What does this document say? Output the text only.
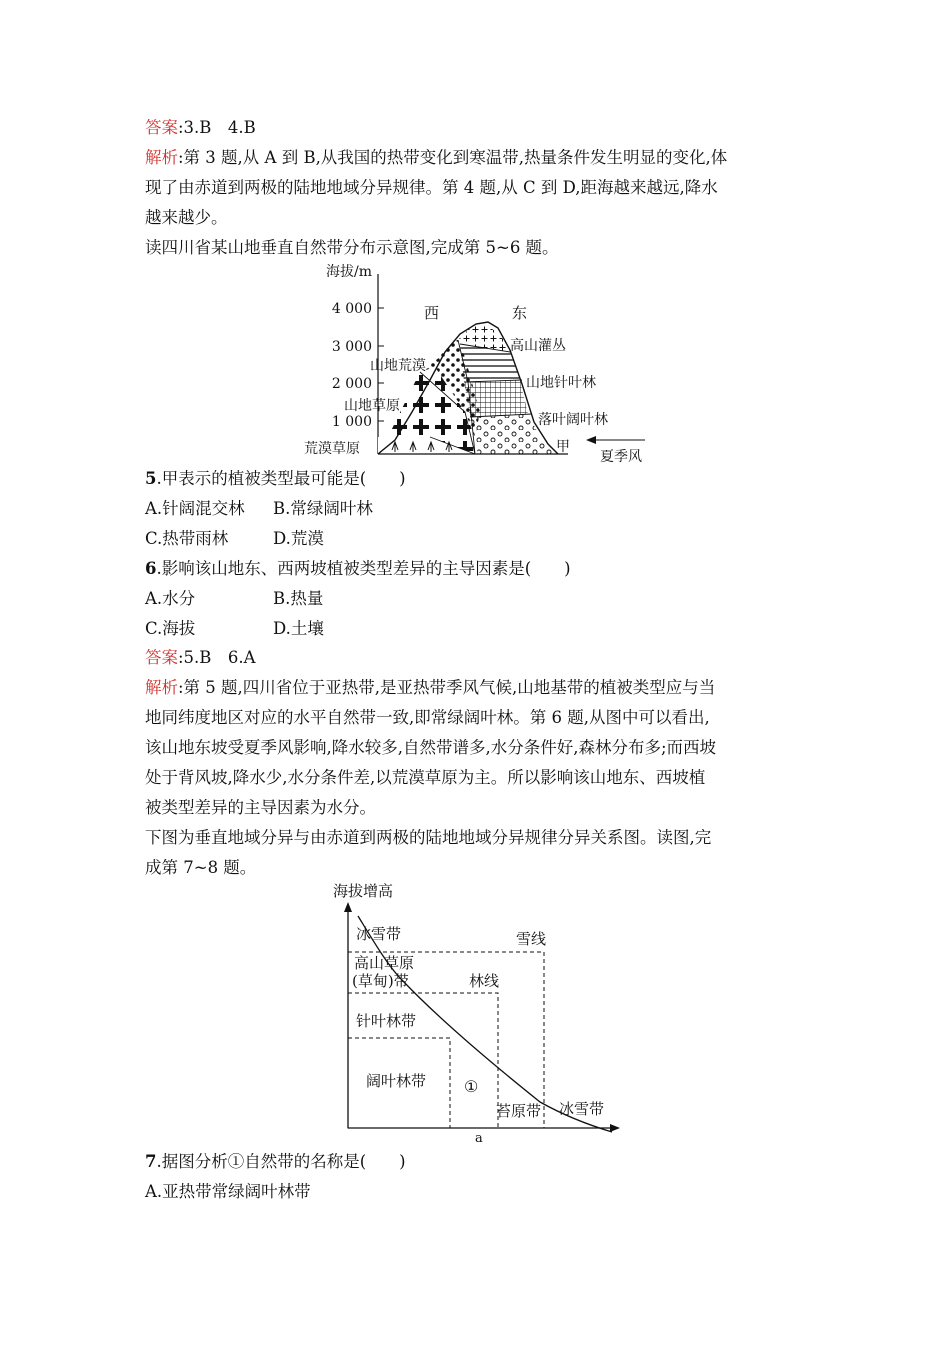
答案:3.B　4.B
解析:第 3 题,从 A 到 B,从我国的热带变化到寒温带,热量条件发生明显的变化,体
现了由赤道到两极的陆地地域分异规律。第 4 题,从 C 到 D,距海越来越远,降水
越来越少。
读四川省某山地垂直自然带分布示意图,完成第 5~6 题。
海拔/m
4 000
3 000
2 000
1 000
西	东
高山灌丛
山地荒漠
山地针叶林
山地草原
落叶阔叶林
荒漠草原	甲
夏季风
5.甲表示的植被类型最可能是(　　)
A.针阔混交林 B.常绿阔叶林
C.热带雨林	D.荒漠
6.影响该山地东、西两坡植被类型差异的主导因素是(　　)
A.水分	B.热量
C.海拔	D.土壤
答案:5.B　6.A
解析:第 5 题,四川省位于亚热带,是亚热带季风气候,山地基带的植被类型应与当
地同纬度地区对应的水平自然带一致,即常绿阔叶林。第 6 题,从图中可以看出,
该山地东坡受夏季风影响,降水较多,自然带谱多,水分条件好,森林分布多;而西坡
处于背风坡,降水少,水分条件差,以荒漠草原为主。所以影响该山地东、西坡植
被类型差异的主导因素为水分。
下图为垂直地域分异与由赤道到两极的陆地地域分异规律分异关系图。读图,完
成第 7~8 题。
海拔增高
a
冰雪带	雪线
高山草原
(草甸)带	林线
针叶林带
阔叶林带 ①
苔原带 冰雪带
7.据图分析①自然带的名称是(　　)
A.亚热带常绿阔叶林带
